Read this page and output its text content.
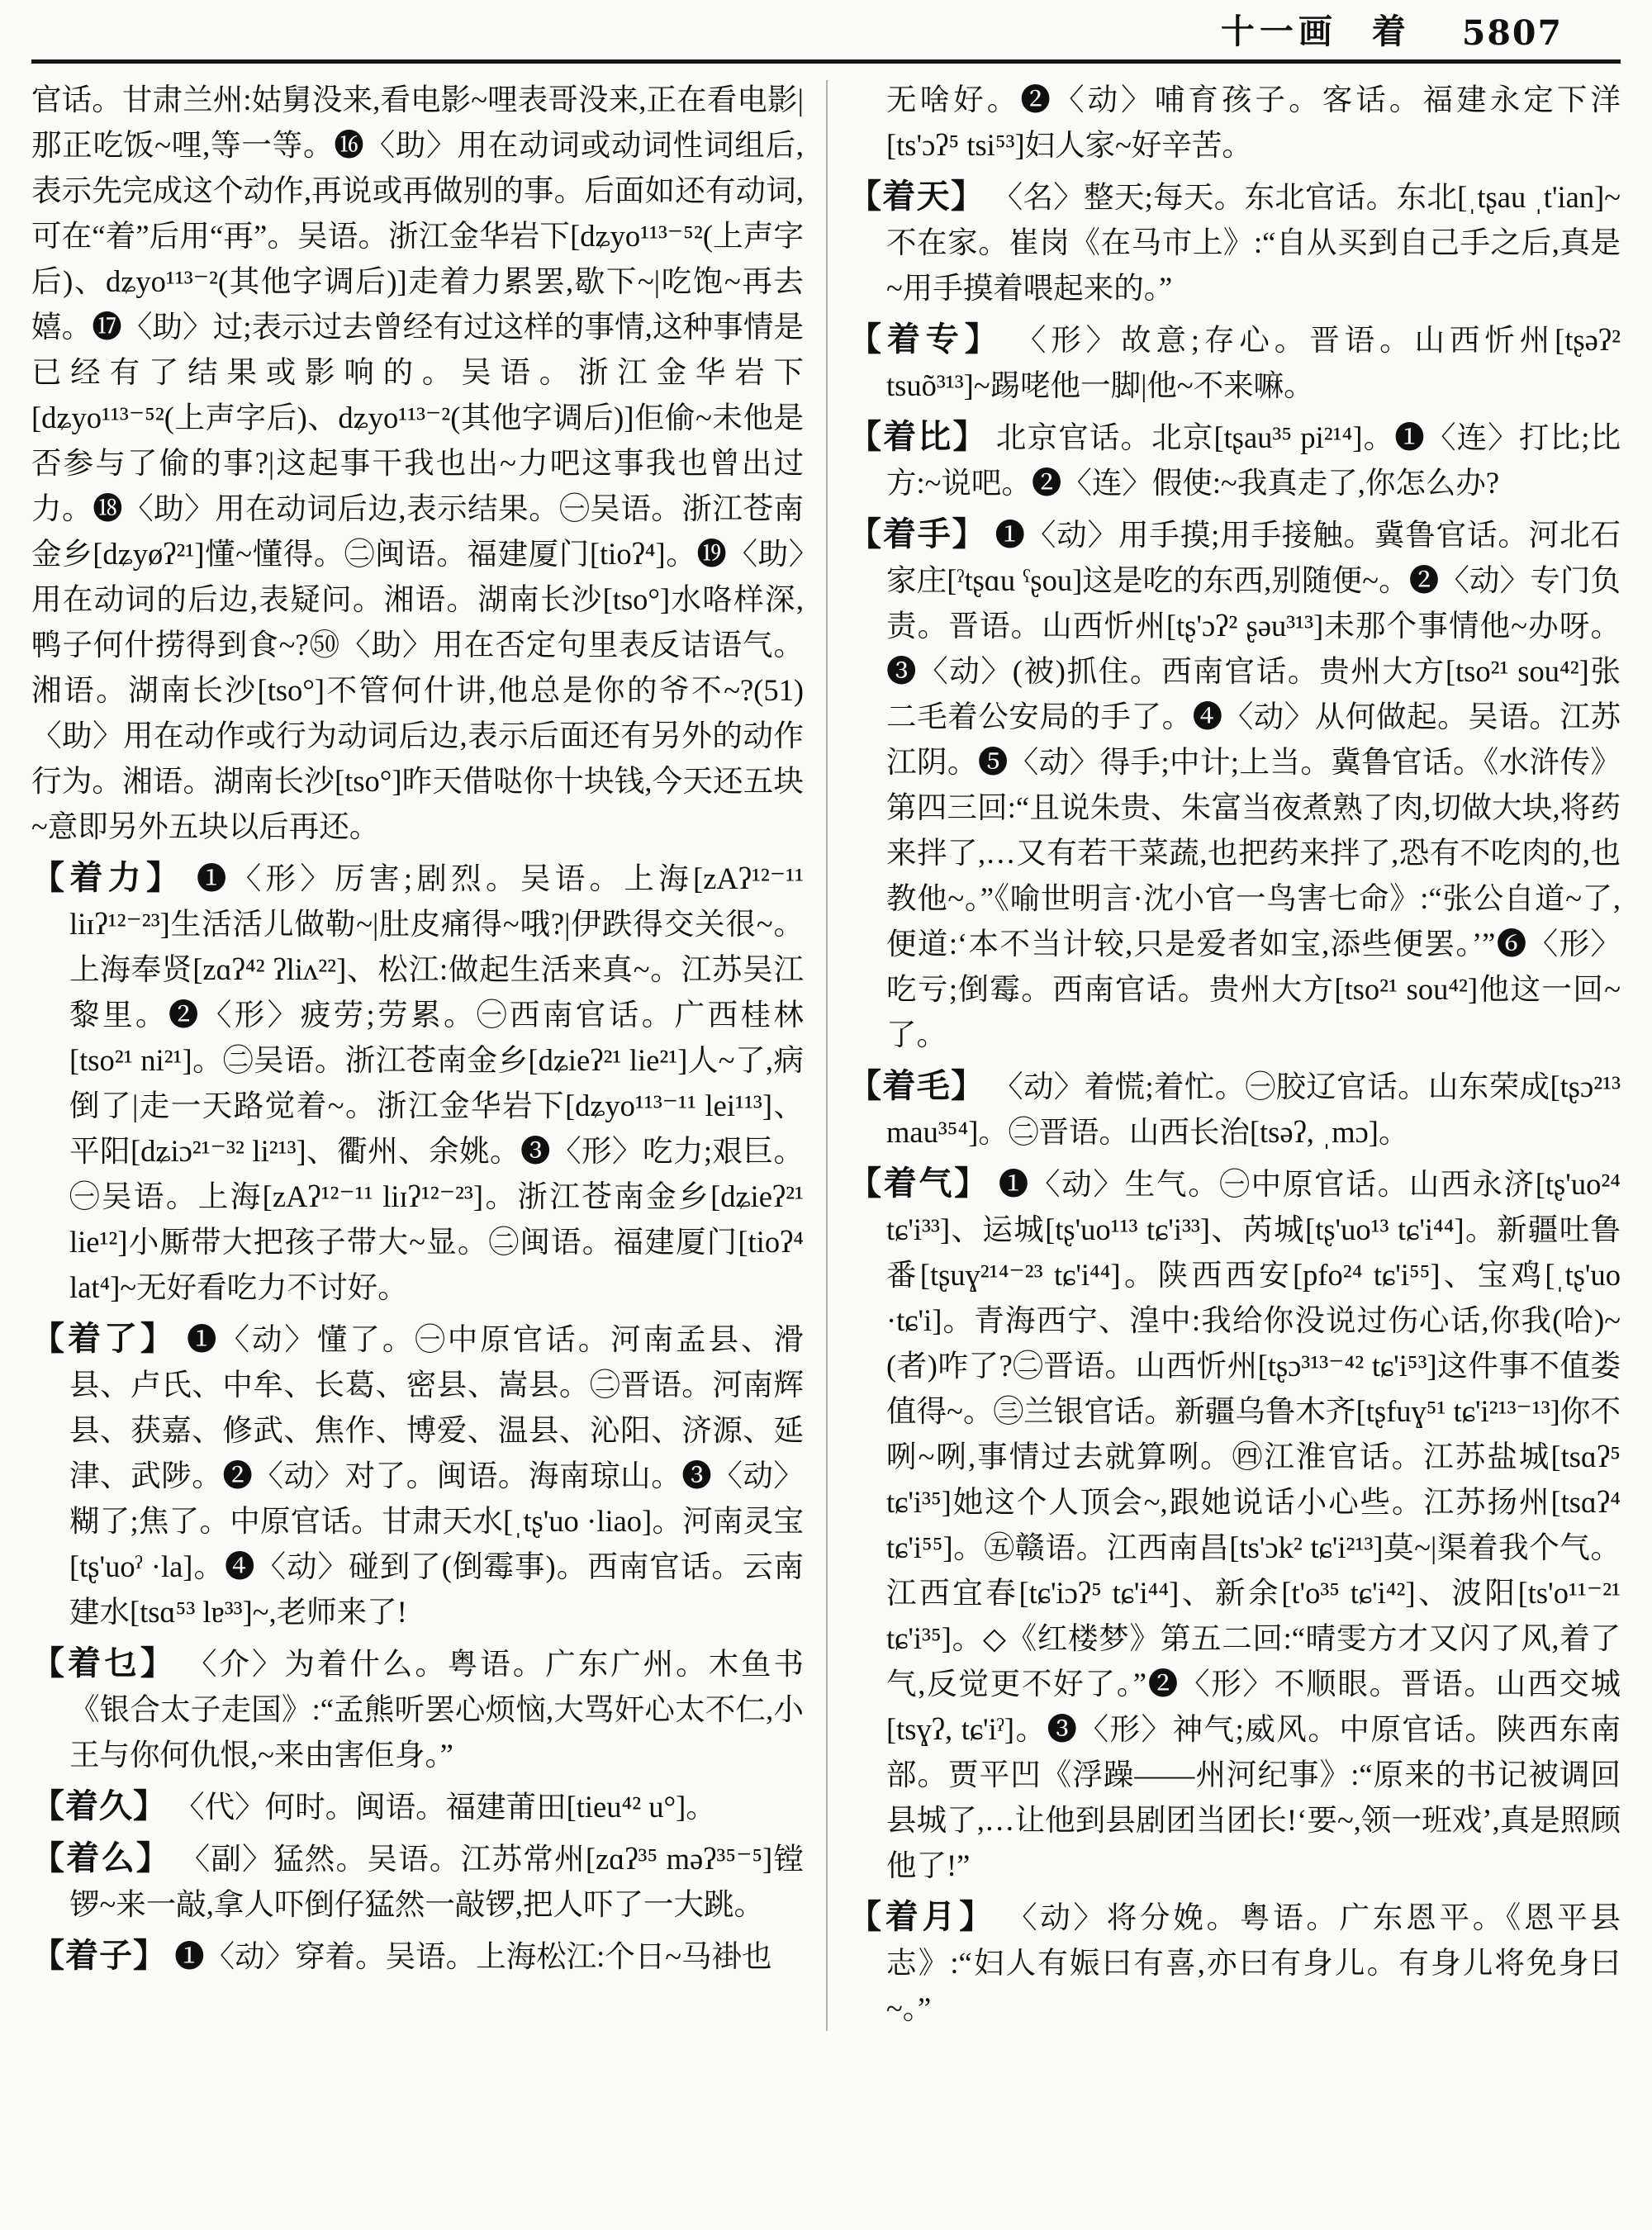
十一画 着 5807

官话。甘肃兰州:姑舅没来,看电影~哩表哥没来,正在看电影|那正吃饭~哩,等一等。⓰〈助〉用在动词或动词性词组后,表示先完成这个动作,再说或再做别的事。后面如还有动词,可在“着”后用“再”。吴语。浙江金华岩下[dʑyo¹¹³⁻⁵²(上声字后)、dʑyo¹¹³⁻²(其他字调后)]走着力累罢,歇下~|吃饱~再去嬉。⓱〈助〉过;表示过去曾经有过这样的事情,这种事情是已经有了结果或影响的。吴语。浙江金华岩下[dʑyo¹¹³⁻⁵²(上声字后)、dʑyo¹¹³⁻²(其他字调后)]佢偷~未他是否参与了偷的事?|这起事干我也出~力吧这事我也曾出过力。⓲〈助〉用在动词后边,表示结果。㊀吴语。浙江苍南金乡[dʑyøʔ²¹]懂~懂得。㊁闽语。福建厦门[tioʔ⁴]。⓳〈助〉用在动词的后边,表疑问。湘语。湖南长沙[tso°]水咯样深,鸭子何什捞得到食~?㊿〈助〉用在否定句里表反诘语气。湘语。湖南长沙[tso°]不管何什讲,他总是你的爷不~?(51)〈助〉用在动作或行为动词后边,表示后面还有另外的动作行为。湘语。湖南长沙[tso°]昨天借哒你十块钱,今天还五块~意即另外五块以后再还。

【着力】 ❶〈形〉厉害;剧烈。吴语。上海[zAʔ¹²⁻¹¹ liɪʔ¹²⁻²³]生活活儿做勒~|肚皮痛得~哦?|伊跌得交关很~。上海奉贤[zɑʔ⁴² ʔliʌ²²]、松江:做起生活来真~。江苏吴江黎里。❷〈形〉疲劳;劳累。㊀西南官话。广西桂林[tso²¹ ni²¹]。㊁吴语。浙江苍南金乡[dʑieʔ²¹ lie²¹]人~了,病倒了|走一天路觉着~。浙江金华岩下[dʑyo¹¹³⁻¹¹ lei¹¹³]、平阳[dʑiɔ²¹⁻³² li²¹³]、衢州、余姚。❸〈形〉吃力;艰巨。㊀吴语。上海[zAʔ¹²⁻¹¹ liɪʔ¹²⁻²³]。浙江苍南金乡[dʑieʔ²¹ lie¹²]小厮带大把孩子带大~显。㊁闽语。福建厦门[tioʔ⁴ lat⁴]~无好看吃力不讨好。

【着了】 ❶〈动〉懂了。㊀中原官话。河南孟县、滑县、卢氏、中牟、长葛、密县、嵩县。㊁晋语。河南辉县、获嘉、修武、焦作、博爱、温县、沁阳、济源、延津、武陟。❷〈动〉对了。闽语。海南琼山。❸〈动〉糊了;焦了。中原官话。甘肃天水[ˌtʂ'uo ·liao]。河南灵宝[tʂ'uoˀ ·la]。❹〈动〉碰到了(倒霉事)。西南官话。云南建水[tsɑ⁵³ lɐ³³]~,老师来了!

【着乜】 〈介〉为着什么。粤语。广东广州。木鱼书《银合太子走国》:“孟熊听罢心烦恼,大骂奸心太不仁,小王与你何仇恨,~来由害佢身。”

【着久】 〈代〉何时。闽语。福建莆田[tieu⁴² u°]。

【着么】 〈副〉猛然。吴语。江苏常州[zɑʔ³⁵ məʔ³⁵⁻⁵]镗锣~来一敲,拿人吓倒仔猛然一敲锣,把人吓了一大跳。

【着子】 ❶〈动〉穿着。吴语。上海松江:个日~马褂也

无啥好。❷〈动〉哺育孩子。客话。福建永定下洋[ts'ɔʔ⁵ tsi⁵³]妇人家~好辛苦。

【着天】 〈名〉整天;每天。东北官话。东北[ˌtʂau ˌt'ian]~不在家。崔岗《在马市上》:“自从买到自己手之后,真是~用手摸着喂起来的。”

【着专】 〈形〉故意;存心。晋语。山西忻州[tʂəʔ² tsuõ³¹³]~踢咾他一脚|他~不来嘛。

【着比】 北京官话。北京[tʂau³⁵ pi²¹⁴]。❶〈连〉打比;比方:~说吧。❷〈连〉假使:~我真走了,你怎么办?

【着手】 ❶〈动〉用手摸;用手接触。冀鲁官话。河北石家庄[ˀtʂɑu ˁʂou]这是吃的东西,别随便~。❷〈动〉专门负责。晋语。山西忻州[tʂ'ɔʔ² ʂəu³¹³]未那个事情他~办呀。❸〈动〉(被)抓住。西南官话。贵州大方[tso²¹ sou⁴²]张二毛着公安局的手了。❹〈动〉从何做起。吴语。江苏江阴。❺〈动〉得手;中计;上当。冀鲁官话。《水浒传》第四三回:“且说朱贵、朱富当夜煮熟了肉,切做大块,将药来拌了,…又有若干菜蔬,也把药来拌了,恐有不吃肉的,也教他~。”《喻世明言·沈小官一鸟害七命》:“张公自道~了,便道:‘本不当计较,只是爱者如宝,添些便罢。’”❻〈形〉吃亏;倒霉。西南官话。贵州大方[tso²¹ sou⁴²]他这一回~了。

【着毛】 〈动〉着慌;着忙。㊀胶辽官话。山东荣成[tʂɔ²¹³ mau³⁵⁴]。㊁晋语。山西长治[tsəʔ, ˌmɔ]。

【着气】 ❶〈动〉生气。㊀中原官话。山西永济[tʂ'uo²⁴ tɕ'i³³]、运城[tʂ'uo¹¹³ tɕ'i³³]、芮城[tʂ'uo¹³ tɕ'i⁴⁴]。新疆吐鲁番[tʂuɣ²¹⁴⁻²³ tɕ'i⁴⁴]。陕西西安[pfo²⁴ tɕ'i⁵⁵]、宝鸡[ˌtʂ'uo ·tɕ'i]。青海西宁、湟中:我给你没说过伤心话,你我(哈)~(者)咋了?㊁晋语。山西忻州[tʂɔ³¹³⁻⁴² tɕ'i⁵³]这件事不值娄值得~。㊂兰银官话。新疆乌鲁木齐[tʂfuɣ⁵¹ tɕ'i²¹³⁻¹³]你不咧~咧,事情过去就算咧。㊃江淮官话。江苏盐城[tsɑʔ⁵ tɕ'i³⁵]她这个人顶会~,跟她说话小心些。江苏扬州[tsɑʔ⁴ tɕ'i⁵⁵]。㊄赣语。江西南昌[ts'ɔk² tɕ'i²¹³]莫~|渠着我个气。江西宜春[tɕ'iɔʔ⁵ tɕ'i⁴⁴]、新余[t'o³⁵ tɕ'i⁴²]、波阳[ts'o¹¹⁻²¹ tɕ'i³⁵]。◇《红楼梦》第五二回:“晴雯方才又闪了风,着了气,反觉更不好了。”❷〈形〉不顺眼。晋语。山西交城[tsɣʔ, tɕ'iˀ]。❸〈形〉神气;威风。中原官话。陕西东南部。贾平凹《浮躁——州河纪事》:“原来的书记被调回县城了,…让他到县剧团当团长!‘要~,领一班戏’,真是照顾他了!”

【着月】 〈动〉将分娩。粤语。广东恩平。《恩平县志》:“妇人有娠曰有喜,亦曰有身儿。有身儿将免身曰~。”
